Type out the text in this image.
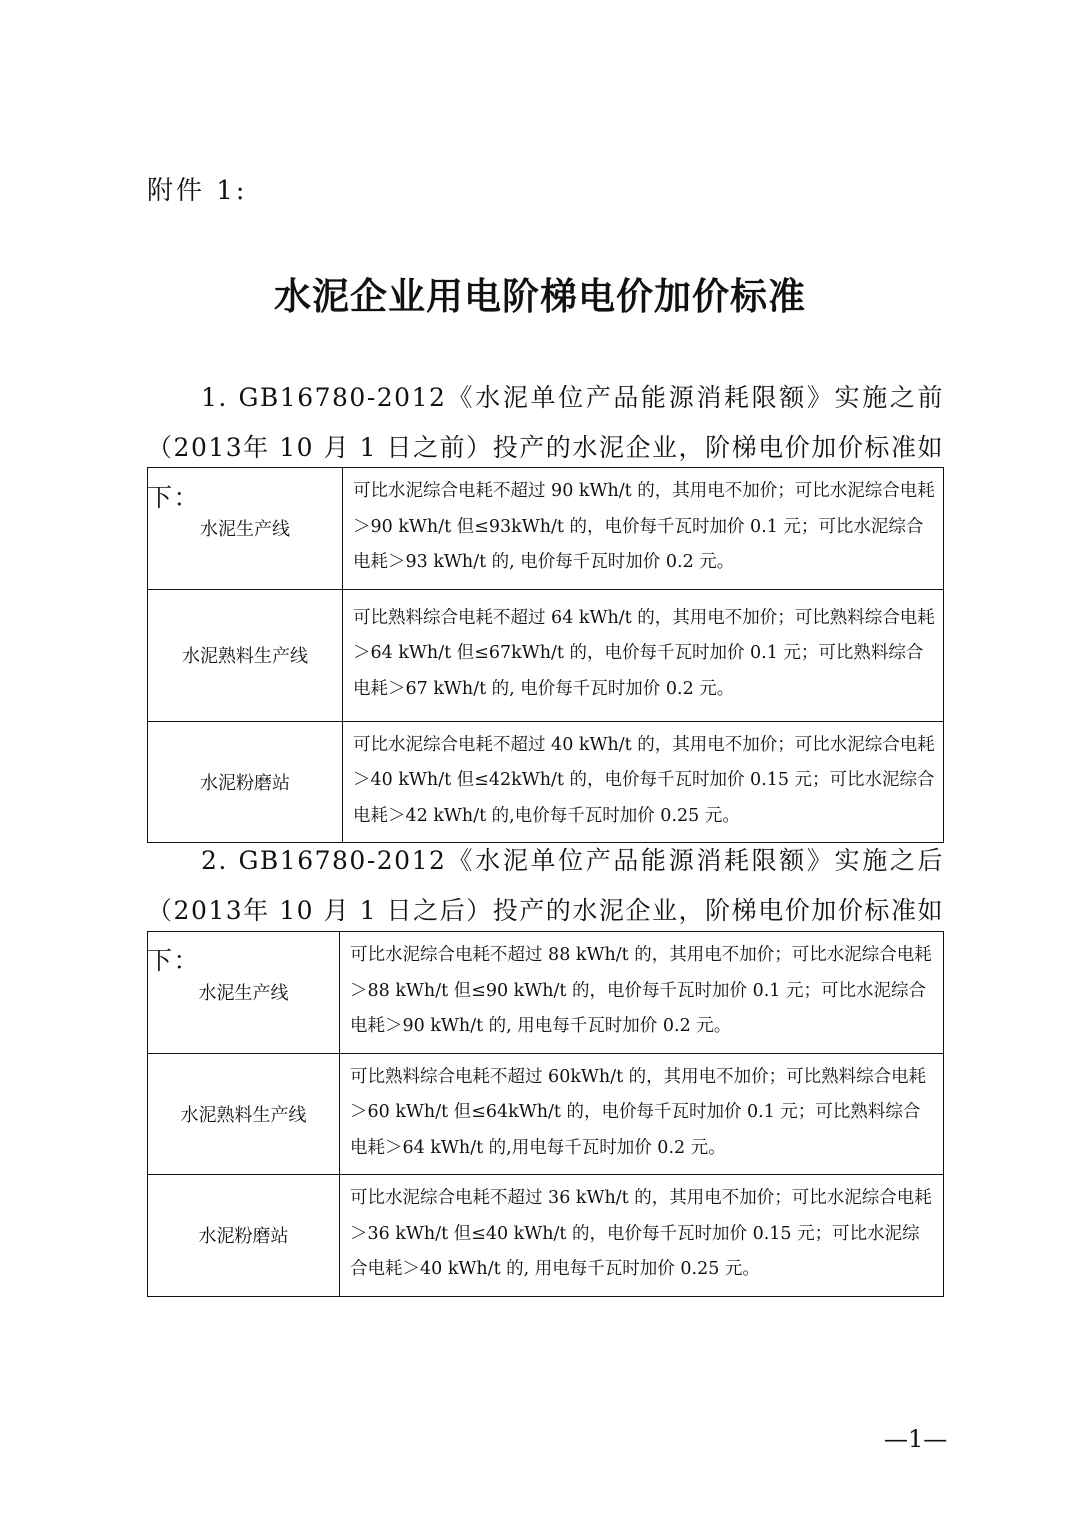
附件 1:
水泥企业用电阶梯电价加价标准
1. GB16780-2012《水泥单位产品能源消耗限额》实施之前（2013年 10 月 1 日之前）投产的水泥企业，阶梯电价加价标准如下：
水泥生产线	可比水泥综合电耗不超过 90 kWh/t 的，其用电不加价；可比水泥综合电耗＞90 kWh/t 但≤93kWh/t 的，电价每千瓦时加价 0.1 元；可比水泥综合电耗＞93 kWh/t 的, 电价每千瓦时加价 0.2 元。
水泥熟料生产线	可比熟料综合电耗不超过 64 kWh/t 的，其用电不加价；可比熟料综合电耗＞64 kWh/t 但≤67kWh/t 的，电价每千瓦时加价 0.1 元；可比熟料综合电耗＞67 kWh/t 的, 电价每千瓦时加价 0.2 元。
水泥粉磨站	可比水泥综合电耗不超过 40 kWh/t 的，其用电不加价；可比水泥综合电耗＞40 kWh/t 但≤42kWh/t 的，电价每千瓦时加价 0.15 元；可比水泥综合电耗＞42 kWh/t 的,电价每千瓦时加价 0.25 元。
2. GB16780-2012《水泥单位产品能源消耗限额》实施之后（2013年 10 月 1 日之后）投产的水泥企业，阶梯电价加价标准如下：
水泥生产线	可比水泥综合电耗不超过 88 kWh/t 的，其用电不加价；可比水泥综合电耗＞88 kWh/t 但≤90 kWh/t 的，电价每千瓦时加价 0.1 元；可比水泥综合电耗＞90 kWh/t 的, 用电每千瓦时加价 0.2 元。
水泥熟料生产线	可比熟料综合电耗不超过 60kWh/t 的，其用电不加价；可比熟料综合电耗＞60 kWh/t 但≤64kWh/t 的，电价每千瓦时加价 0.1 元；可比熟料综合电耗＞64 kWh/t 的,用电每千瓦时加价 0.2 元。
水泥粉磨站	可比水泥综合电耗不超过 36 kWh/t 的，其用电不加价；可比水泥综合电耗＞36 kWh/t 但≤40 kWh/t 的，电价每千瓦时加价 0.15 元；可比水泥综合电耗＞40 kWh/t 的, 用电每千瓦时加价 0.25 元。
—1—
